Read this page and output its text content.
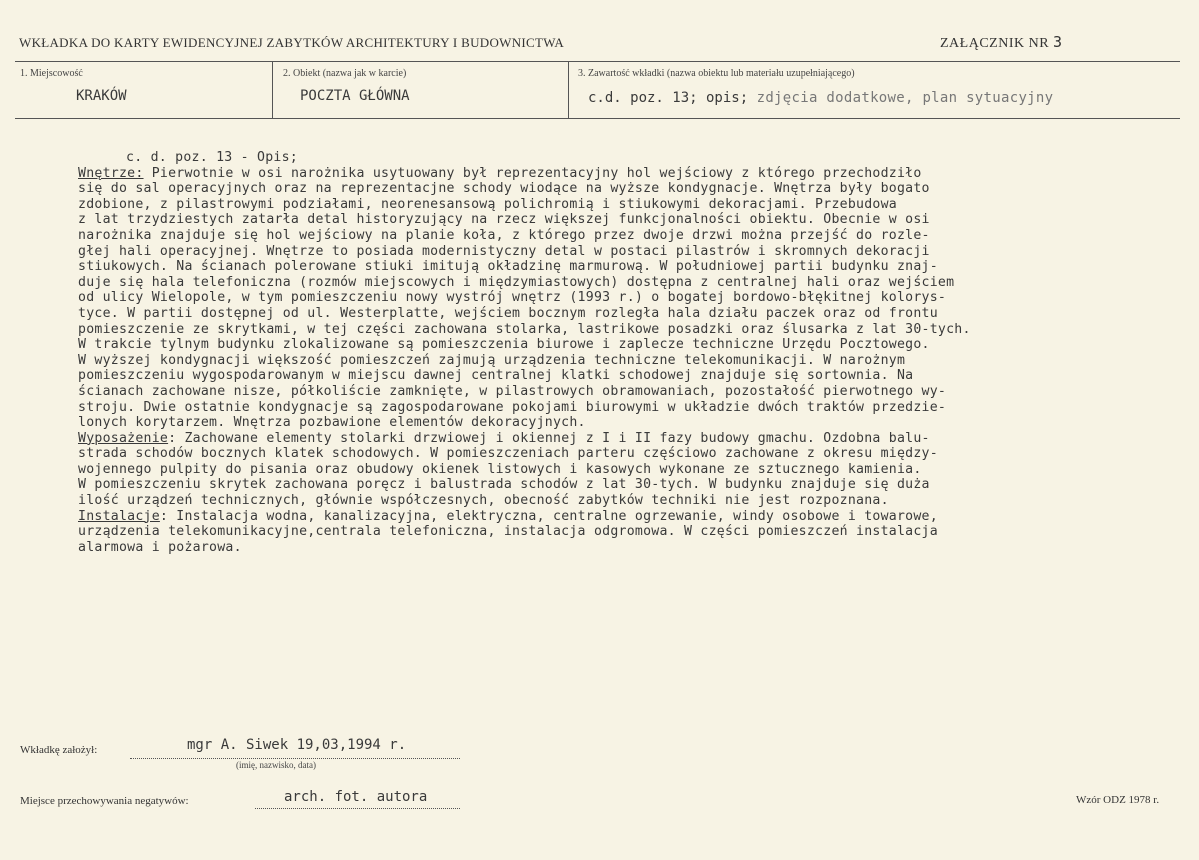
WKŁADKA DO KARTY EWIDENCYJNEJ ZABYTKÓW ARCHITEKTURY I BUDOWNICTWA	ZAŁĄCZNIK NR 3
1. Miejscowość
KRAKÓW
2. Obiekt (nazwa jak w karcie)
POCZTA GŁÓWNA
3. Zawartość wkładki (nazwa obiektu lub materiału uzupełniającego)
c.d. poz. 13; opis; zdjęcia dodatkowe, plan sytuacyjny
c. d. poz. 13 - Opis;
Wnętrze: Pierwotnie w osi narożnika usytuowany był reprezentacyjny hol wejściowy z którego przechodziło
się do sal operacyjnych oraz na reprezentacjne schody wiodące na wyższe kondygnacje. Wnętrza były bogato
zdobione, z pilastrowymi podziałami, neorenesansową polichromią i stiukowymi dekoracjami. Przebudowa
z lat trzydziestych zatarła detal historyzujący na rzecz większej funkcjonalności obiektu. Obecnie w osi
narożnika znajduje się hol wejściowy na planie koła, z którego przez dwoje drzwi można przejść do rozle-
głej hali operacyjnej. Wnętrze to posiada modernistyczny detal w postaci pilastrów i skromnych dekoracji
stiukowych. Na ścianach polerowane stiuki imitują okładzinę marmurową. W południowej partii budynku znaj-
duje się hala telefoniczna (rozmów miejscowych i międzymiastowych) dostępna z centralnej hali oraz wejściem
od ulicy Wielopole, w tym pomieszczeniu nowy wystrój wnętrz (1993 r.) o bogatej bordowo-błękitnej kolorys-
tyce. W partii dostępnej od ul. Westerplatte, wejściem bocznym rozległa hala działu paczek oraz od frontu
pomieszczenie ze skrytkami, w tej części zachowana stolarka, lastrikowe posadzki oraz ślusarka z lat 30-tych.
W trakcie tylnym budynku zlokalizowane są pomieszczenia biurowe i zaplecze techniczne Urzędu Pocztowego.
W wyższej kondygnacji większość pomieszczeń zajmują urządzenia techniczne telekomunikacji. W narożnym
pomieszczeniu wygospodarowanym w miejscu dawnej centralnej klatki schodowej znajduje się sortownia. Na
ścianach zachowane nisze, półkoliście zamknięte, w pilastrowych obramowaniach, pozostałość pierwotnego wy-
stroju. Dwie ostatnie kondygnacje są zagospodarowane pokojami biurowymi w układzie dwóch traktów przedzie-
lonych korytarzem. Wnętrza pozbawione elementów dekoracyjnych.
Wyposażenie: Zachowane elementy stolarki drzwiowej i okiennej z I i II fazy budowy gmachu. Ozdobna balu-
strada schodów bocznych klatek schodowych. W pomieszczeniach parteru częściowo zachowane z okresu między-
wojennego pulpity do pisania oraz obudowy okienek listowych i kasowych wykonane ze sztucznego kamienia.
W pomieszczeniu skrytek zachowana poręcz i balustrada schodów z lat 30-tych. W budynku znajduje się duża
ilość urządzeń technicznych, głównie współczesnych, obecność zabytków techniki nie jest rozpoznana.
Instalacje: Instalacja wodna, kanalizacyjna, elektryczna, centralne ogrzewanie, windy osobowe i towarowe,
urządzenia telekomunikacyjne,centrala telefoniczna, instalacja odgromowa. W części pomieszczeń instalacja
alarmowa i pożarowa.
Wkładkę założył:	mgr A. Siwek 19,03,1994 r.
(imię, nazwisko, data)
Miejsce przechowywania negatywów:	arch. fot. autora	Wzór ODZ 1978 r.
